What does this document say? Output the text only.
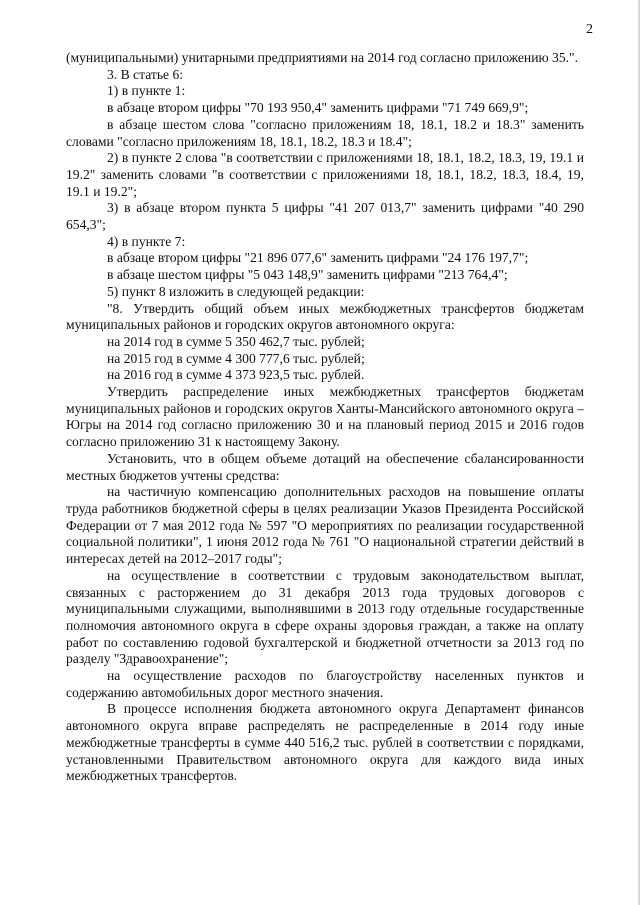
2

(муниципальными) унитарными предприятиями на 2014 год согласно приложению 35.".

3. В статье 6:

1) в пункте 1:

в абзаце втором цифры "70 193 950,4" заменить цифрами "71 749 669,9";

в абзаце шестом слова "согласно приложениям 18, 18.1, 18.2 и 18.3" заменить словами "согласно приложениям 18, 18.1, 18.2, 18.3 и 18.4";

2) в пункте 2 слова "в соответствии с приложениями 18, 18.1, 18.2, 18.3, 19, 19.1 и 19.2" заменить словами "в соответствии с приложениями 18, 18.1, 18.2, 18.3, 18.4, 19, 19.1 и 19.2";

3) в абзаце втором пункта 5 цифры "41 207 013,7" заменить цифрами "40 290 654,3";

4) в пункте 7:

в абзаце втором цифры "21 896 077,6" заменить цифрами "24 176 197,7";

в абзаце шестом цифры "5 043 148,9" заменить цифрами "213 764,4";

5) пункт 8 изложить в следующей редакции:

"8. Утвердить общий объем иных межбюджетных трансфертов бюджетам муниципальных районов и городских округов автономного округа:

на 2014 год в сумме 5 350 462,7 тыс. рублей;

на 2015 год в сумме 4 300 777,6 тыс. рублей;

на 2016 год в сумме 4 373 923,5 тыс. рублей.

Утвердить распределение иных межбюджетных трансфертов бюджетам муниципальных районов и городских округов Ханты-Мансийского автономного округа – Югры на 2014 год согласно приложению 30 и на плановый период 2015 и 2016 годов согласно приложению 31 к настоящему Закону.

Установить, что в общем объеме дотаций на обеспечение сбалансированности местных бюджетов учтены средства:

на частичную компенсацию дополнительных расходов на повышение оплаты труда работников бюджетной сферы в целях реализации Указов Президента Российской Федерации от 7 мая 2012 года № 597 "О мероприятиях по реализации государственной социальной политики", 1 июня 2012 года № 761 "О национальной стратегии действий в интересах детей на 2012–2017 годы";

на осуществление в соответствии с трудовым законодательством выплат, связанных с расторжением до 31 декабря 2013 года трудовых договоров с муниципальными служащими, выполнявшими в 2013 году отдельные государственные полномочия автономного округа в сфере охраны здоровья граждан, а также на оплату работ по составлению годовой бухгалтерской и бюджетной отчетности за 2013 год по разделу "Здравоохранение";

на осуществление расходов по благоустройству населенных пунктов и содержанию автомобильных дорог местного значения.

В процессе исполнения бюджета автономного округа Департамент финансов автономного округа вправе распределять не распределенные в 2014 году иные межбюджетные трансферты в сумме 440 516,2 тыс. рублей в соответствии с порядками, установленными Правительством автономного округа для каждого вида иных межбюджетных трансфертов.
